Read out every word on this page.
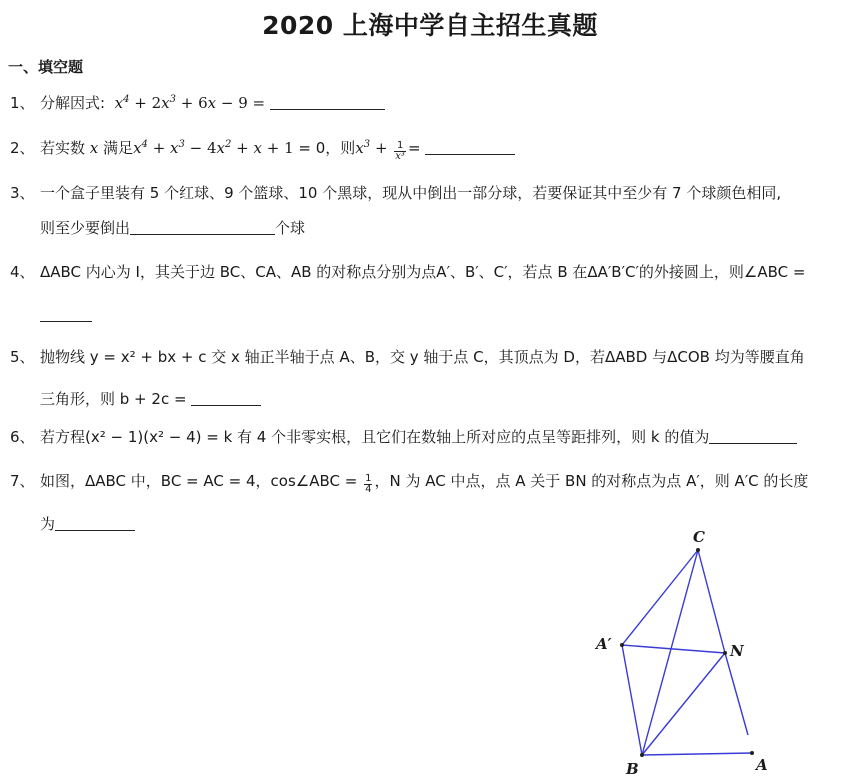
2020 上海中学自主招生真题
一、填空题
1、 分解因式:  $x^4 + 2x^3 + 6x - 9$ =
2、 若实数 x 满足$x^4 + x^3 - 4x^2 + x + 1 = 0$，则$x^3 + \frac{1}{\text{x³}}$ =
3、 一个盒子里装有 5 个红球、9 个篮球、10 个黑球，现从中倒出一部分球，若要保证其中至少有 7 个球颜色相同,
则至少要倒出	个球
4、 ΔABC 内心为 I，其关于边 BC、CA、AB 的对称点分别为点A′、B′、C′，若点 B 在ΔA′B′C′的外接圆上，则∠ABC =
5、 抛物线 y = x² + bx + c 交 x 轴正半轴于点 A、B，交 y 轴于点 C，其顶点为 D，若ΔABD 与ΔCOB 均为等腰直角
三角形，则 b + 2c =
6、 若方程(x² − 1)(x² − 4) = k 有 4 个非零实根，且它们在数轴上所对应的点呈等距排列，则 k 的值为
7、 如图，ΔABC 中，BC = AC = 4，cos∠ABC = $\frac{1}{4}$ ，N 为 AC 中点，点 A 关于 BN 的对称点为点 A′，则 A′C 的长度
为
C
A′	N
B	A
